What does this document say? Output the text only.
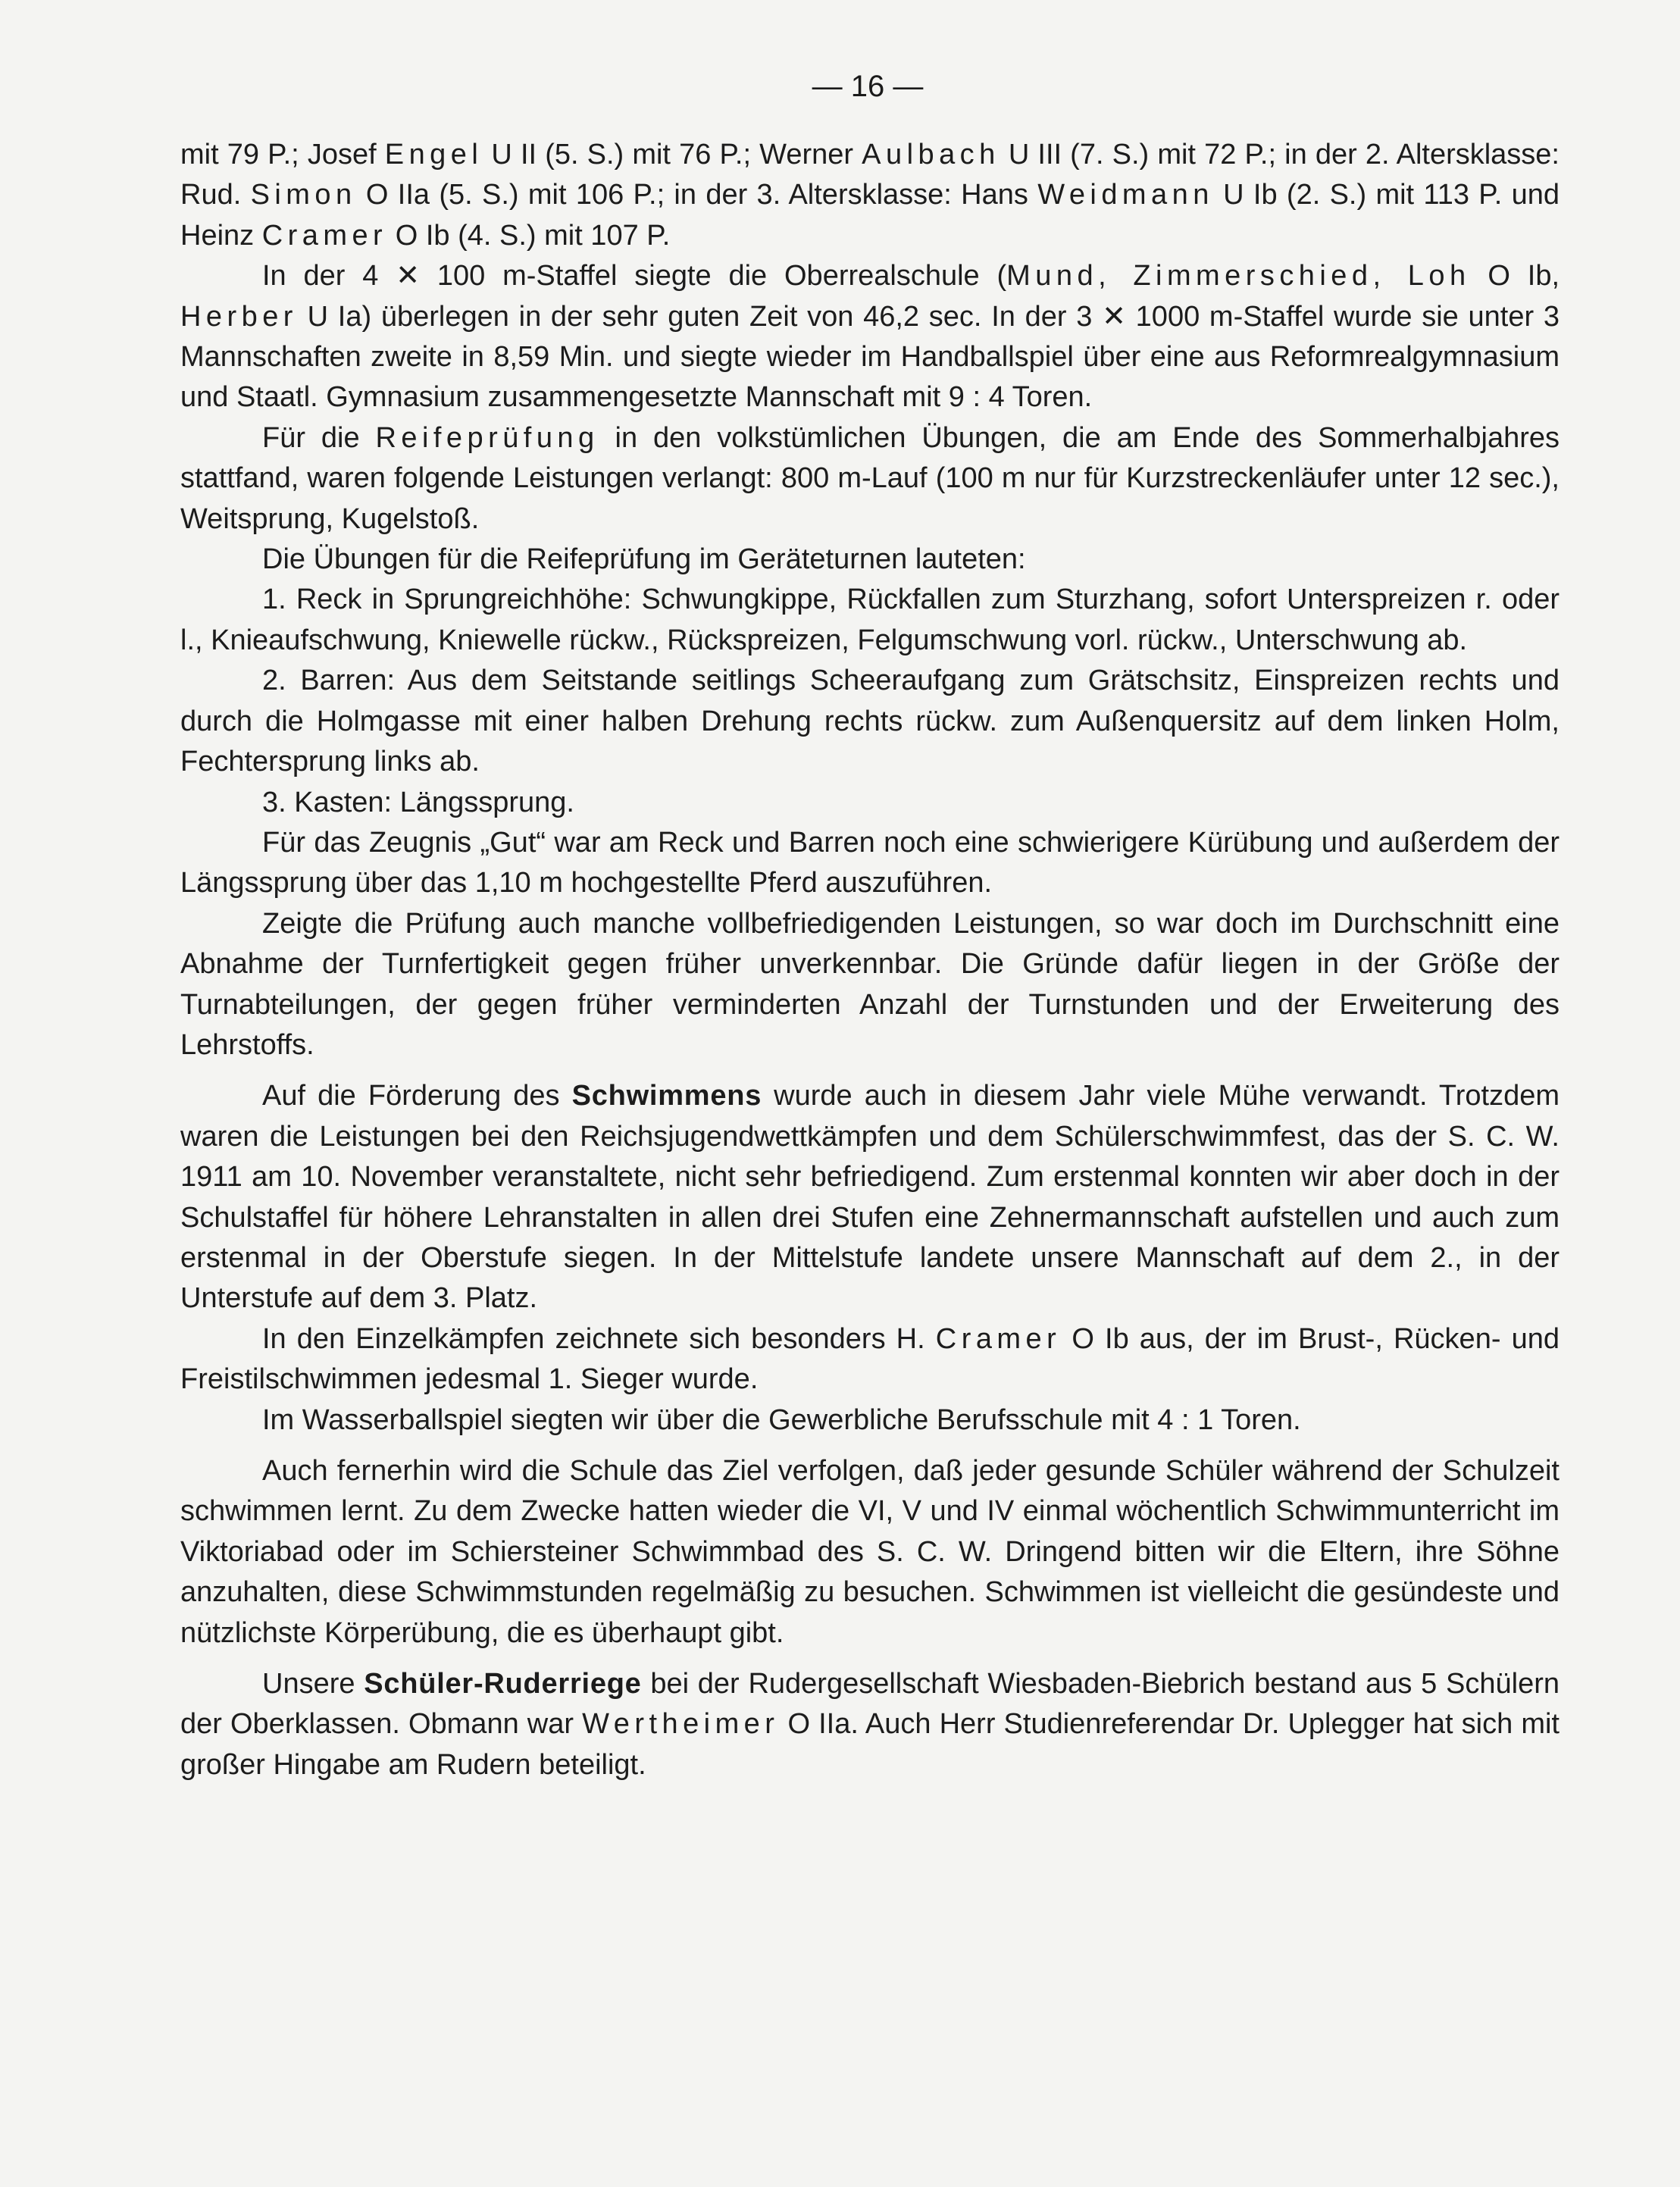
— 16 —

mit 79 P.; Josef Engel U II (5. S.) mit 76 P.; Werner Aulbach U III (7. S.) mit 72 P.; in der 2. Altersklasse: Rud. Simon O IIa (5. S.) mit 106 P.; in der 3. Altersklasse: Hans Weidmann U Ib (2. S.) mit 113 P. und Heinz Cramer O Ib (4. S.) mit 107 P.

In der 4 ✕ 100 m-Staffel siegte die Oberrealschule (Mund, Zimmerschied, Loh O Ib, Herber U Ia) überlegen in der sehr guten Zeit von 46,2 sec. In der 3 ✕ 1000 m-Staffel wurde sie unter 3 Mannschaften zweite in 8,59 Min. und siegte wieder im Handballspiel über eine aus Reformrealgymnasium und Staatl. Gymnasium zusammengesetzte Mannschaft mit 9 : 4 Toren.

Für die Reifeprüfung in den volkstümlichen Übungen, die am Ende des Sommerhalbjahres stattfand, waren folgende Leistungen verlangt: 800 m-Lauf (100 m nur für Kurzstreckenläufer unter 12 sec.), Weitsprung, Kugelstoß.

Die Übungen für die Reifeprüfung im Geräteturnen lauteten:

1. Reck in Sprungreichhöhe: Schwungkippe, Rückfallen zum Sturzhang, sofort Unterspreizen r. oder l., Knieaufschwung, Kniewelle rückw., Rückspreizen, Felgumschwung vorl. rückw., Unterschwung ab.

2. Barren: Aus dem Seitstande seitlings Scheeraufgang zum Grätschsitz, Einspreizen rechts und durch die Holmgasse mit einer halben Drehung rechts rückw. zum Außenquersitz auf dem linken Holm, Fechtersprung links ab.

3. Kasten: Längssprung.

Für das Zeugnis „Gut“ war am Reck und Barren noch eine schwierigere Kürübung und außerdem der Längssprung über das 1,10 m hochgestellte Pferd auszuführen.

Zeigte die Prüfung auch manche vollbefriedigenden Leistungen, so war doch im Durchschnitt eine Abnahme der Turnfertigkeit gegen früher unverkennbar. Die Gründe dafür liegen in der Größe der Turnabteilungen, der gegen früher verminderten Anzahl der Turnstunden und der Erweiterung des Lehrstoffs.

Auf die Förderung des Schwimmens wurde auch in diesem Jahr viele Mühe verwandt. Trotzdem waren die Leistungen bei den Reichsjugendwettkämpfen und dem Schülerschwimmfest, das der S. C. W. 1911 am 10. November veranstaltete, nicht sehr befriedigend. Zum erstenmal konnten wir aber doch in der Schulstaffel für höhere Lehranstalten in allen drei Stufen eine Zehnermannschaft aufstellen und auch zum erstenmal in der Oberstufe siegen. In der Mittelstufe landete unsere Mannschaft auf dem 2., in der Unterstufe auf dem 3. Platz.

In den Einzelkämpfen zeichnete sich besonders H. Cramer O Ib aus, der im Brust-, Rücken- und Freistilschwimmen jedesmal 1. Sieger wurde.

Im Wasserballspiel siegten wir über die Gewerbliche Berufsschule mit 4 : 1 Toren.

Auch fernerhin wird die Schule das Ziel verfolgen, daß jeder gesunde Schüler während der Schulzeit schwimmen lernt. Zu dem Zwecke hatten wieder die VI, V und IV einmal wöchentlich Schwimmunterricht im Viktoriabad oder im Schiersteiner Schwimmbad des S. C. W. Dringend bitten wir die Eltern, ihre Söhne anzuhalten, diese Schwimmstunden regelmäßig zu besuchen. Schwimmen ist vielleicht die gesündeste und nützlichste Körperübung, die es überhaupt gibt.

Unsere Schüler-Ruderriege bei der Rudergesellschaft Wiesbaden-Biebrich bestand aus 5 Schülern der Oberklassen. Obmann war Wertheimer O IIa. Auch Herr Studienreferendar Dr. Uplegger hat sich mit großer Hingabe am Rudern beteiligt.
